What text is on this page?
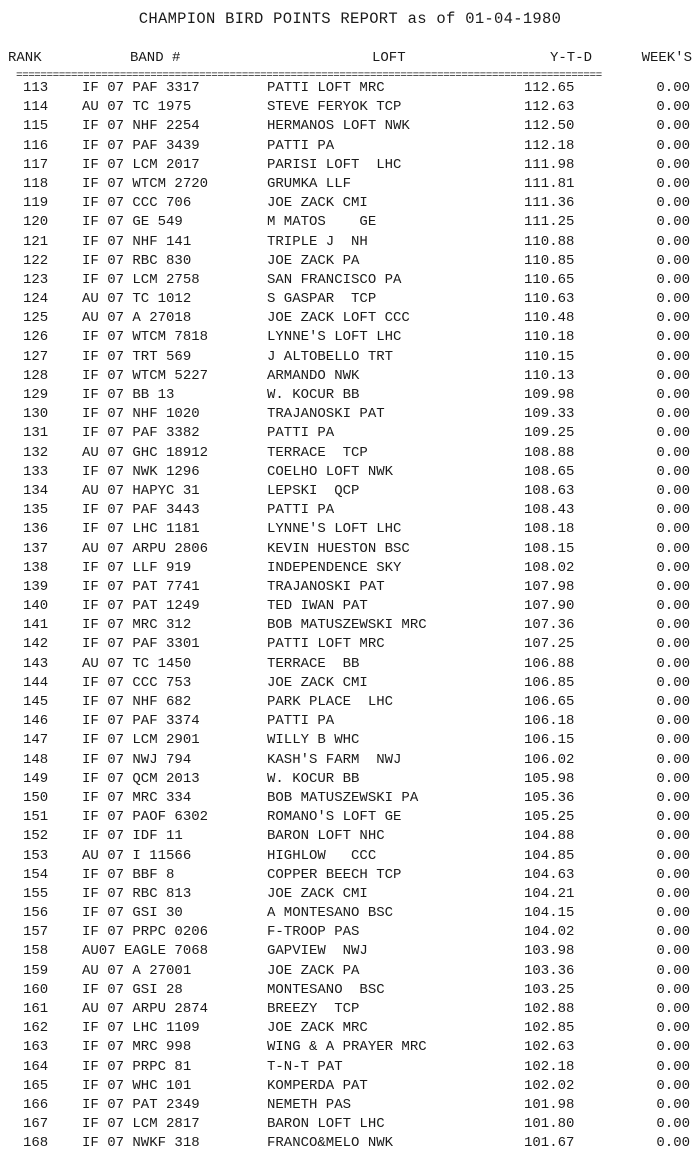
CHAMPION BIRD POINTS REPORT as of 01-04-1980
RANK	BAND #	LOFT	Y-T-D	WEEK'S
================================================================================================
113 IF 07 PAF 3317	PATTI LOFT MRC	112.65	0.00
114 AU 07 TC 1975	STEVE FERYOK TCP	112.63	0.00
115 IF 07 NHF 2254	HERMANOS LOFT NWK	112.50	0.00
116 IF 07 PAF 3439	PATTI PA	112.18	0.00
117 IF 07 LCM 2017	PARISI LOFT  LHC	111.98	0.00
118 IF 07 WTCM 2720	GRUMKA LLF	111.81	0.00
119 IF 07 CCC 706	JOE ZACK CMI	111.36	0.00
120 IF 07 GE 549	M MATOS    GE	111.25	0.00
121 IF 07 NHF 141	TRIPLE J  NH	110.88	0.00
122 IF 07 RBC 830	JOE ZACK PA	110.85	0.00
123 IF 07 LCM 2758	SAN FRANCISCO PA	110.65	0.00
124 AU 07 TC 1012	S GASPAR  TCP	110.63	0.00
125 AU 07 A 27018	JOE ZACK LOFT CCC	110.48	0.00
126 IF 07 WTCM 7818	LYNNE'S LOFT LHC	110.18	0.00
127 IF 07 TRT 569	J ALTOBELLO TRT	110.15	0.00
128 IF 07 WTCM 5227	ARMANDO NWK	110.13	0.00
129 IF 07 BB 13	W. KOCUR BB	109.98	0.00
130 IF 07 NHF 1020	TRAJANOSKI PAT	109.33	0.00
131 IF 07 PAF 3382	PATTI PA	109.25	0.00
132 AU 07 GHC 18912	TERRACE  TCP	108.88	0.00
133 IF 07 NWK 1296	COELHO LOFT NWK	108.65	0.00
134 AU 07 HAPYC 31	LEPSKI  QCP	108.63	0.00
135 IF 07 PAF 3443	PATTI PA	108.43	0.00
136 IF 07 LHC 1181	LYNNE'S LOFT LHC	108.18	0.00
137 AU 07 ARPU 2806	KEVIN HUESTON BSC	108.15	0.00
138 IF 07 LLF 919	INDEPENDENCE SKY	108.02	0.00
139 IF 07 PAT 7741	TRAJANOSKI PAT	107.98	0.00
140 IF 07 PAT 1249	TED IWAN PAT	107.90	0.00
141 IF 07 MRC 312	BOB MATUSZEWSKI MRC	107.36	0.00
142 IF 07 PAF 3301	PATTI LOFT MRC	107.25	0.00
143 AU 07 TC 1450	TERRACE  BB	106.88	0.00
144 IF 07 CCC 753	JOE ZACK CMI	106.85	0.00
145 IF 07 NHF 682	PARK PLACE  LHC	106.65	0.00
146 IF 07 PAF 3374	PATTI PA	106.18	0.00
147 IF 07 LCM 2901	WILLY B WHC	106.15	0.00
148 IF 07 NWJ 794	KASH'S FARM  NWJ	106.02	0.00
149 IF 07 QCM 2013	W. KOCUR BB	105.98	0.00
150 IF 07 MRC 334	BOB MATUSZEWSKI PA	105.36	0.00
151 IF 07 PAOF 6302	ROMANO'S LOFT GE	105.25	0.00
152 IF 07 IDF 11	BARON LOFT NHC	104.88	0.00
153 AU 07 I 11566	HIGHLOW   CCC	104.85	0.00
154 IF 07 BBF 8	COPPER BEECH TCP	104.63	0.00
155 IF 07 RBC 813	JOE ZACK CMI	104.21	0.00
156 IF 07 GSI 30	A MONTESANO BSC	104.15	0.00
157 IF 07 PRPC 0206	F-TROOP PAS	104.02	0.00
158 AU07 EAGLE 7068	GAPVIEW  NWJ	103.98	0.00
159 AU 07 A 27001	JOE ZACK PA	103.36	0.00
160 IF 07 GSI 28	MONTESANO  BSC	103.25	0.00
161 AU 07 ARPU 2874	BREEZY  TCP	102.88	0.00
162 IF 07 LHC 1109	JOE ZACK MRC	102.85	0.00
163 IF 07 MRC 998	WING & A PRAYER MRC	102.63	0.00
164 IF 07 PRPC 81	T-N-T PAT	102.18	0.00
165 IF 07 WHC 101	KOMPERDA PAT	102.02	0.00
166 IF 07 PAT 2349	NEMETH PAS	101.98	0.00
167 IF 07 LCM 2817	BARON LOFT LHC	101.80	0.00
168 IF 07 NWKF 318	FRANCO&MELO NWK	101.67	0.00
